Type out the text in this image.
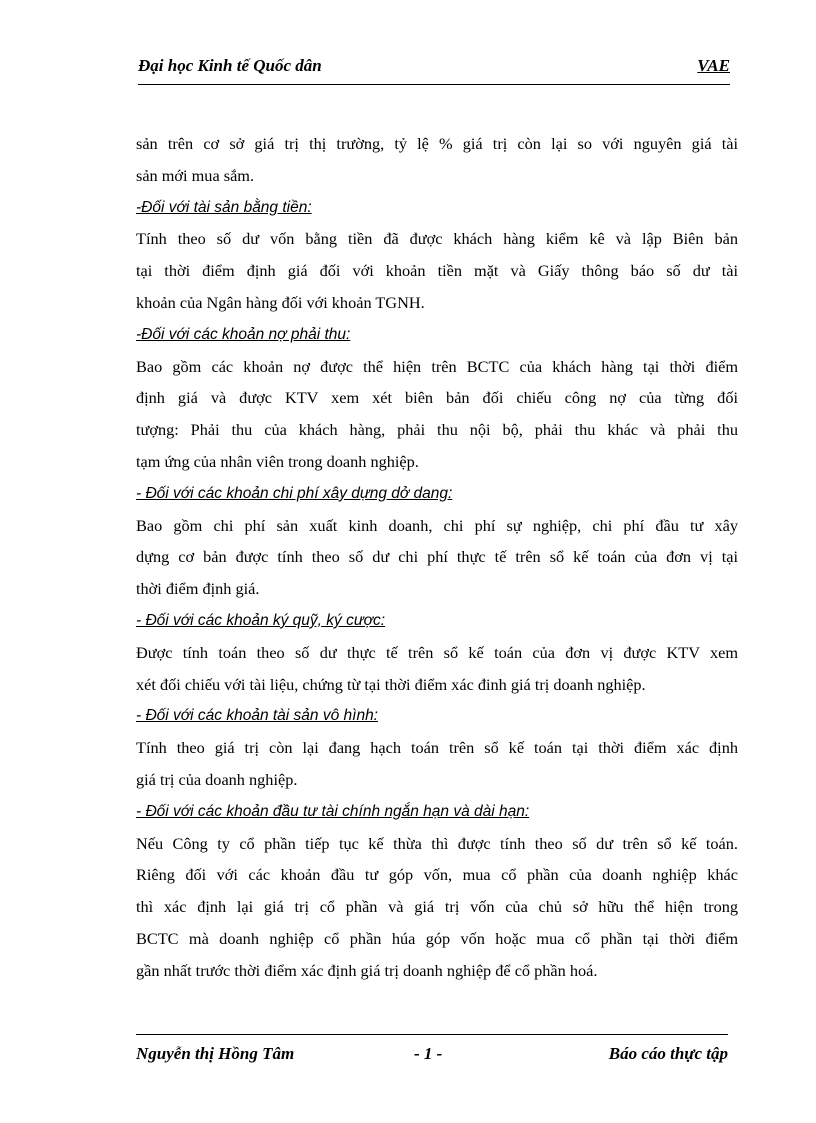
Đại học Kinh tế Quốc dân	VAE

sản trên cơ sở giá trị thị trường, tỷ lệ % giá trị còn lại so với nguyên giá tài

sản mới mua sắm.

-Đối với tài sản bằng tiền:

Tính theo số dư vốn bằng tiền đã được khách hàng kiểm kê và lập Biên bản

tại thời điểm định giá đối với khoản tiền mặt và Giấy thông báo số dư tài

khoản của Ngân hàng đối với khoản TGNH.

-Đối với các khoản nợ phải thu:

Bao gồm các khoản nợ được thể hiện trên BCTC của khách hàng tại thời điểm

định giá và được KTV xem xét biên bản đối chiếu công nợ của từng đối

tượng: Phải thu của khách hàng, phải thu nội bộ, phải thu khác và phải thu

tạm ứng của nhân viên trong doanh nghiệp.

- Đối với các khoản chi phí xây dựng dở dang:

Bao gồm chi phí sản xuất kinh doanh, chi phí sự nghiệp, chi phí đầu tư xây

dựng cơ bản được tính theo số dư chi phí thực tế trên sổ kế toán của đơn vị tại

thời điểm định giá.

- Đối với các khoản ký quỹ, ký cược:

Được tính toán theo số dư thực tế trên sổ kế toán của đơn vị được KTV xem

xét đối chiếu với tài liệu, chứng từ tại thời điểm xác đinh giá trị doanh nghiệp.

- Đối với các khoản tài sản vô hình:

Tính theo giá trị còn lại đang hạch toán trên sổ kế toán tại thời điểm xác định

giá trị của doanh nghiệp.

- Đối với các khoản đầu tư tài chính ngắn hạn và dài hạn:

Nếu Công ty cổ phần tiếp tục kế thừa thì được tính theo số dư trên sổ kế toán.

Riêng đối với các khoản đầu tư góp vốn, mua cổ phần của doanh nghiệp khác

thì xác định lại giá trị cổ phần và giá trị vốn của chủ sở hữu thể hiện trong

BCTC mà doanh nghiệp cổ phần húa góp vốn hoặc mua cổ phần tại thời điểm

gần nhất trước thời điểm xác định giá trị doanh nghiệp để cổ phần hoá.

Nguyễn thị Hồng Tâm	- 1 -	Báo cáo thực tập
